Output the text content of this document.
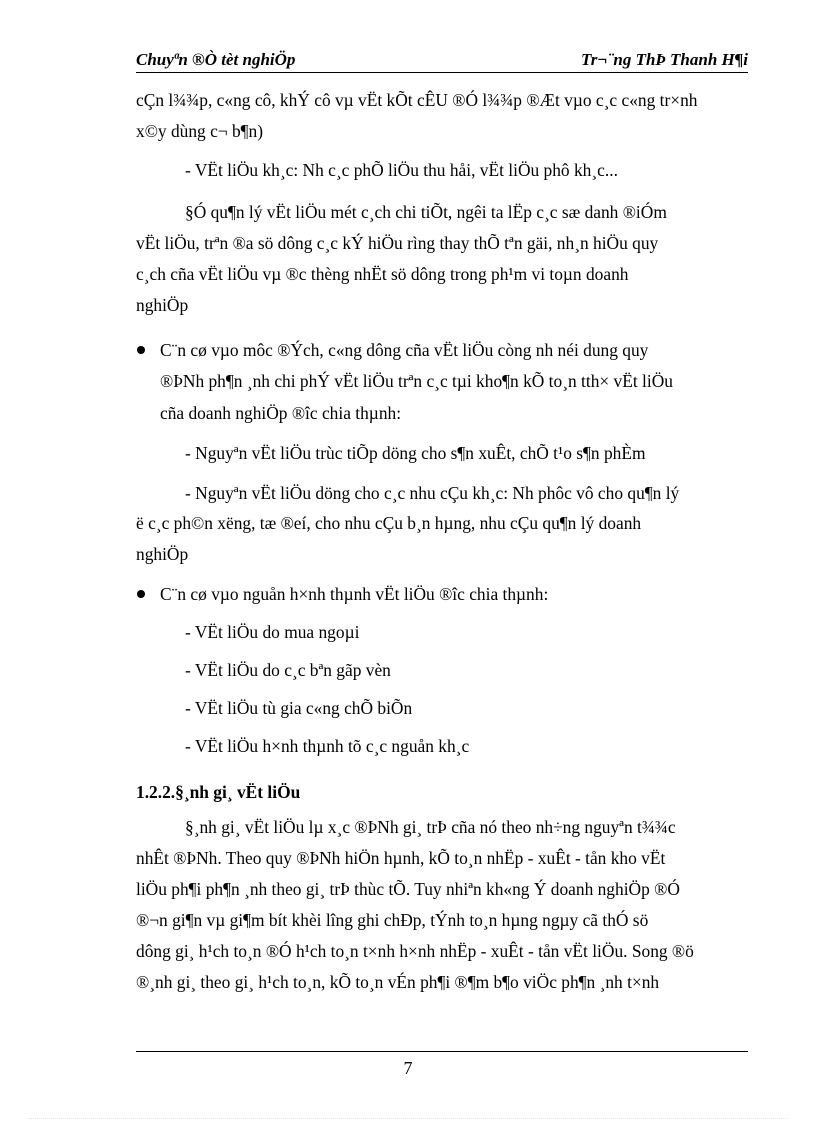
Chuyªn ®Ò tèt nghiÖp	Tr¬¨ng ThÞ Thanh H¶i
cÇn l¾¾p, c«ng cô, khÝ cô vµ vËt kÕt cÊU ®Ó l¾¾p ®Æt vµo c¸c c«ng tr×nh
x©y dùng c¬ b¶n)
- VËt liÖu kh¸c: Nh c¸c phÕ liÖu thu håi, vËt liÖu phô kh¸c...
§Ó qu¶n lý vËt liÖu mét c¸ch chi tiÕt, ngêi ta lËp c¸c sæ danh ®iÓm
vËt liÖu, trªn ®a sö dông c¸c kÝ hiÖu rìng thay thÕ tªn gäi, nh¸n hiÖu quy
c¸ch cña vËt liÖu vµ ®c thèng nhËt sö dông trong ph¹m vi toµn doanh
nghiÖp
C¨n cø vµo môc ®Ých, c«ng dông cña vËt liÖu còng nh néi dung quy
®ÞNh ph¶n ¸nh chi phÝ vËt liÖu trªn c¸c tµi kho¶n kÕ to¸n tth× vËt liÖu
cña doanh nghiÖp ®îc chia thµnh:
- Nguyªn vËt liÖu trùc tiÕp döng cho s¶n xuÊt, chÕ t¹o s¶n phÈm
- Nguyªn vËt liÖu döng cho c¸c nhu cÇu kh¸c: Nh phôc vô cho qu¶n lý
ë c¸c ph©n xëng, tæ ®eí, cho nhu cÇu b¸n hµng, nhu cÇu qu¶n lý doanh
nghiÖp
C¨n cø vµo nguån h×nh thµnh vËt liÖu ®îc chia thµnh:
- VËt liÖu do mua ngoµi
- VËt liÖu do c¸c bªn gãp vèn
- VËt liÖu tù gia c«ng chÕ biÕn
- VËt liÖu h×nh thµnh tõ c¸c nguån kh¸c
1.2.2.§¸nh gi¸ vËt liÖu
§¸nh gi¸ vËt liÖu lµ x¸c ®ÞNh gi¸ trÞ cña nó theo nh÷ng nguyªn t¾¾c
nhÊt ®ÞNh. Theo quy ®ÞNh hiÖn hµnh, kÕ to¸n nhËp - xuÊt - tån kho vËt
liÖu ph¶i ph¶n ¸nh theo gi¸ trÞ thùc tÕ. Tuy nhiªn kh«ng Ý doanh nghiÖp ®Ó
®¬n gi¶n vµ gi¶m bít khèi lîng ghi chÐp, tÝnh to¸n hµng ngµy cã thÓ sö
dông gi¸ h¹ch to¸n ®Ó h¹ch to¸n t×nh h×nh nhËp - xuÊt - tån vËt liÖu. Song ®ö
®¸nh gi¸ theo gi¸ h¹ch to¸n, kÕ to¸n vÉn ph¶i ®¶m b¶o viÖc ph¶n ¸nh t×nh
7
